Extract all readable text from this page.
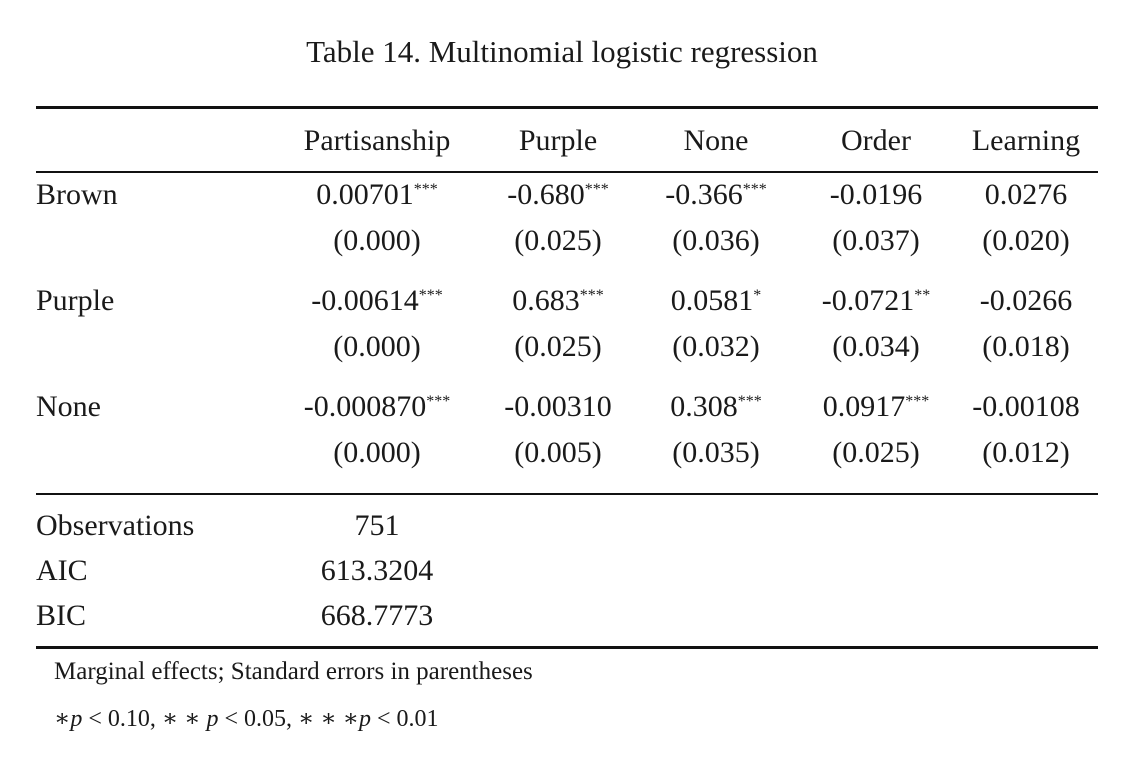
Table 14. Multinomial logistic regression
	Partisanship	Purple	None	Order	Learning
Brown	0.00701***	-0.680***	-0.366***	-0.0196	0.0276
	(0.000)	(0.025)	(0.036)	(0.037)	(0.020)

Purple	-0.00614***	0.683***	0.0581*	-0.0721**	-0.0266
	(0.000)	(0.025)	(0.032)	(0.034)	(0.018)

None	-0.000870***	-0.00310	0.308***	0.0917***	-0.00108
	(0.000)	(0.005)	(0.035)	(0.025)	(0.012)
Observations	751	
AIC	613.3204	
BIC	668.7773	
Marginal effects; Standard errors in parentheses
∗p < 0.10, ∗ ∗ p < 0.05, ∗ ∗ ∗p < 0.01
